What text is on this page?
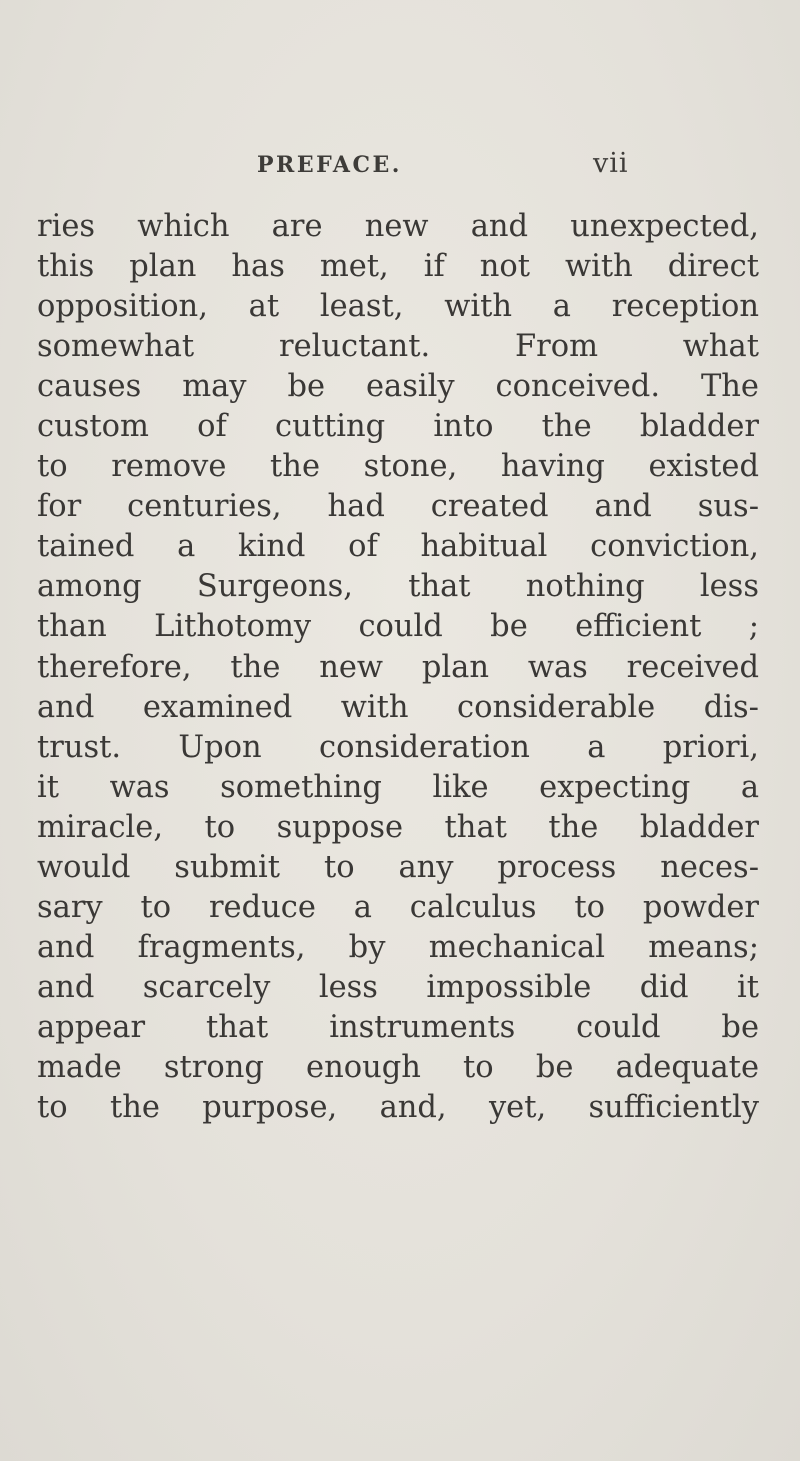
PREFACE.	vii
ries which are new and unexpected,
this plan has met, if not with direct
opposition, at least, with a reception
somewhat reluctant. From what
causes may be easily conceived. The
custom of cutting into the bladder
to remove the stone, having existed
for centuries, had created and sus-
tained a kind of habitual conviction,
among Surgeons, that nothing less
than Lithotomy could be efficient ;
therefore, the new plan was received
and examined with considerable dis-
trust. Upon consideration a priori,
it was something like expecting a
miracle, to suppose that the bladder
would submit to any process neces-
sary to reduce a calculus to powder
and fragments, by mechanical means;
and scarcely less impossible did it
appear that instruments could be
made strong enough to be adequate
to the purpose, and, yet, sufficiently
